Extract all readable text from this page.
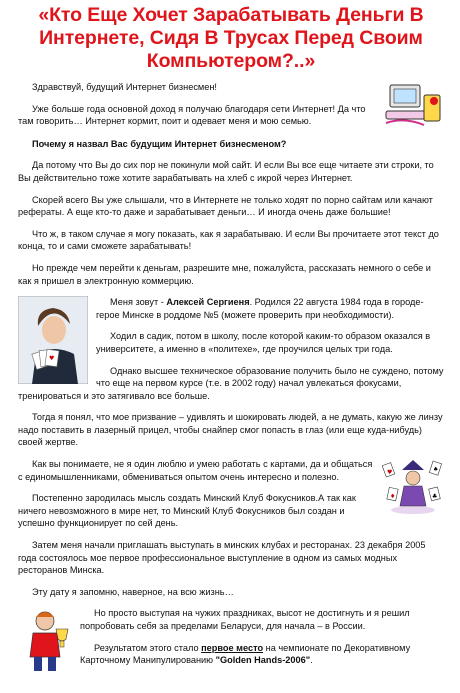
«Кто Еще Хочет Зарабатывать Деньги В Интернете, Сидя В Трусах Перед Своим Компьютером?..»

Здравствуй, будущий Интернет бизнесмен!

Уже больше года основной доход я получаю благодаря сети Интернет! Да что там говорить… Интернет кормит, поит и одевает меня и мою семью.

Почему я назвал Вас будущим Интернет бизнесменом?

Да потому что Вы до сих пор не покинули мой сайт. И если Вы все еще читаете эти строки, то Вы действительно тоже хотите зарабатывать на хлеб с икрой через Интернет.

Скорей всего Вы уже слышали, что в Интернете не только ходят по порно сайтам или качают рефераты. А еще кто-то даже и зарабатывает деньги… И иногда очень даже большие!

Что ж, в таком случае я могу показать, как я зарабатываю. И если Вы прочитаете этот текст до конца, то и сами сможете зарабатывать!

Но прежде чем перейти к деньгам, разрешите мне, пожалуйста, рассказать немного о себе и как я пришел в электронную коммерцию.

♥

Меня зовут - Алексей Сергиеня. Родился 22 августа 1984 года в городе-герое Минске в роддоме №5 (можете проверить при необходимости).

Ходил в садик, потом в школу, после которой каким-то образом оказался в университете, а именно в «политехе», где проучился целых три года.

Однако высшее техническое образование получить было не суждено, потому что еще на первом курсе (т.е. в 2002 году) начал увлекаться фокусами, тренироваться и это затягивало все больше.

Тогда я понял, что мое призвание – удивлять и шокировать людей, а не думать, какую же линзу надо поставить в лазерный прицел, чтобы снайпер смог попасть в глаз (или еще куда-нибудь) своей жертве.

♥	♠
♦	♣

Как вы понимаете, не я один люблю и умею работать с картами, да и общаться с единомышленниками, обмениваться опытом очень интересно и полезно.

Постепенно зародилась мысль создать Минский Клуб Фокусников.А так как ничего невозможного в мире нет, то Минский Клуб Фокусников был создан и успешно функционирует по сей день.

Затем меня начали приглашать выступать в минских клубах и ресторанах. 23 декабря 2005 года состоялось мое первое профессиональное выступление в одном из самых модных ресторанов Минска.

Эту дату я запомню, наверное, на всю жизнь…

Но просто выступая на чужих праздниках, высот не достигнуть и я решил попробовать себя за пределами Беларуси, для начала – в России.

Результатом этого стало первое место на чемпионате по Декоративному Карточному Манипулированию "Golden Hands-2006".
